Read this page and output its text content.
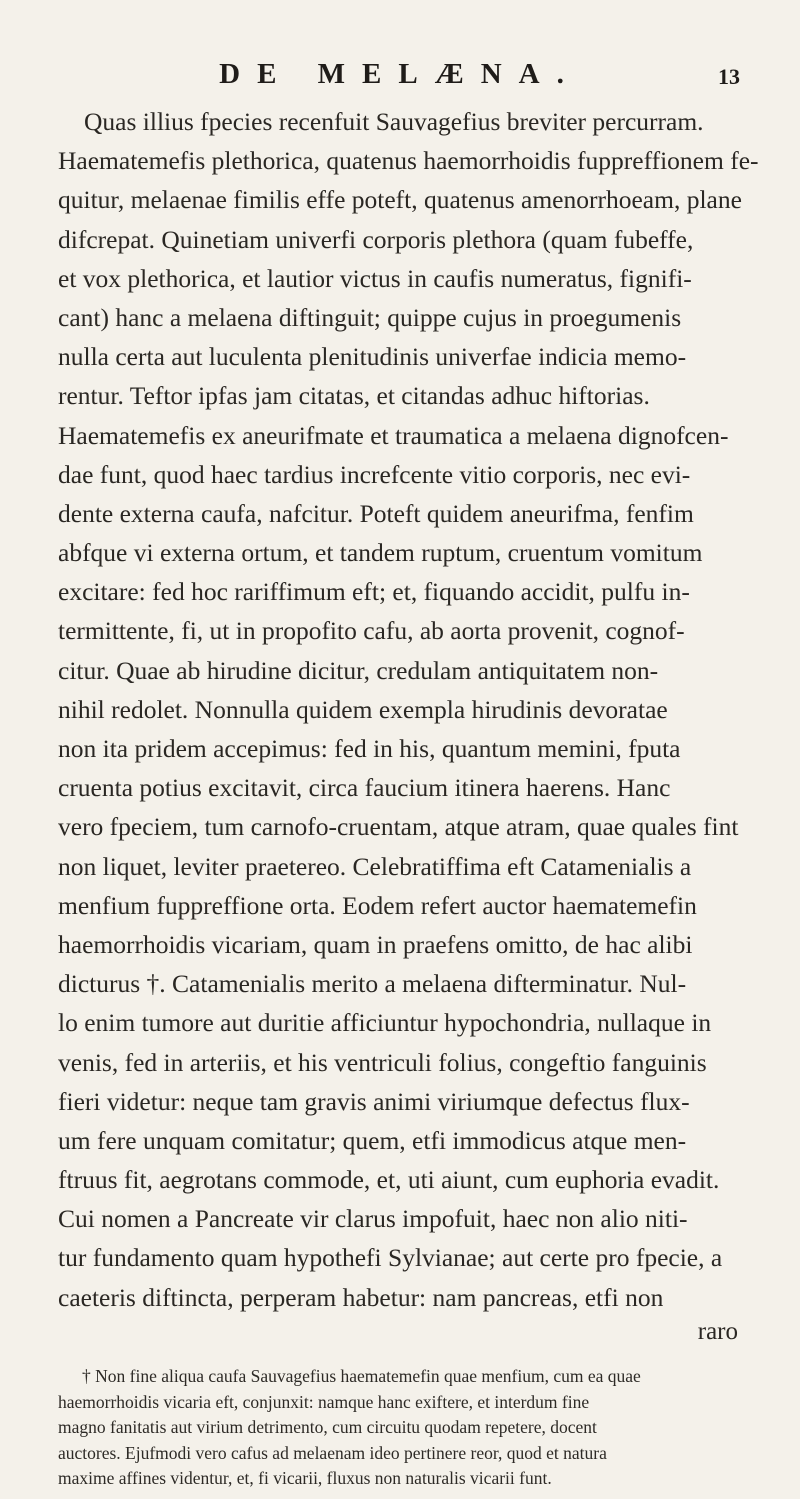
DE MELÆNA.	13
Quas illius fpecies recenfuit Sauvagefius breviter percurram.
Haematemefis plethorica, quatenus haemorrhoidis fuppreffionem fe-
quitur, melaenae fimilis effe poteft, quatenus amenorrhoeam, plane
difcrepat. Quinetiam univerfi corporis plethora (quam fubeffe,
et vox plethorica, et lautior victus in caufis numeratus, fignifi-
cant) hanc a melaena diftinguit; quippe cujus in proegumenis
nulla certa aut luculenta plenitudinis univerfae indicia memo-
rentur. Teftor ipfas jam citatas, et citandas adhuc hiftorias.
Haematemefis ex aneurifmate et traumatica a melaena dignofcen-
dae funt, quod haec tardius increfcente vitio corporis, nec evi-
dente externa caufa, nafcitur. Poteft quidem aneurifma, fenfim
abfque vi externa ortum, et tandem ruptum, cruentum vomitum
excitare: fed hoc rariffimum eft; et, fiquando accidit, pulfu in-
termittente, fi, ut in propofito cafu, ab aorta provenit, cognof-
citur. Quae ab hirudine dicitur, credulam antiquitatem non-
nihil redolet. Nonnulla quidem exempla hirudinis devoratae
non ita pridem accepimus: fed in his, quantum memini, fputa
cruenta potius excitavit, circa faucium itinera haerens. Hanc
vero fpeciem, tum carnofo-cruentam, atque atram, quae quales fint
non liquet, leviter praetereo. Celebratiffima eft Catamenialis a
menfium fuppreffione orta. Eodem refert auctor haematemefin
haemorrhoidis vicariam, quam in praefens omitto, de hac alibi
dicturus †. Catamenialis merito a melaena difterminatur. Nul-
lo enim tumore aut duritie afficiuntur hypochondria, nullaque in
venis, fed in arteriis, et his ventriculi folius, congeftio fanguinis
fieri videtur: neque tam gravis animi viriumque defectus flux-
um fere unquam comitatur; quem, etfi immodicus atque men-
ftruus fit, aegrotans commode, et, uti aiunt, cum euphoria evadit.
Cui nomen a Pancreate vir clarus impofuit, haec non alio niti-
tur fundamento quam hypothefi Sylvianae; aut certe pro fpecie, a
caeteris diftincta, perperam habetur: nam pancreas, etfi non
raro
† Non fine aliqua caufa Sauvagefius haematemefin quae menfium, cum ea quae
haemorrhoidis vicaria eft, conjunxit: namque hanc exiftere, et interdum fine
magno fanitatis aut virium detrimento, cum circuitu quodam repetere, docent
auctores. Ejufmodi vero cafus ad melaenam ideo pertinere reor, quod et natura
maxime affines videntur, et, fi vicarii, fluxus non naturalis vicarii funt.
